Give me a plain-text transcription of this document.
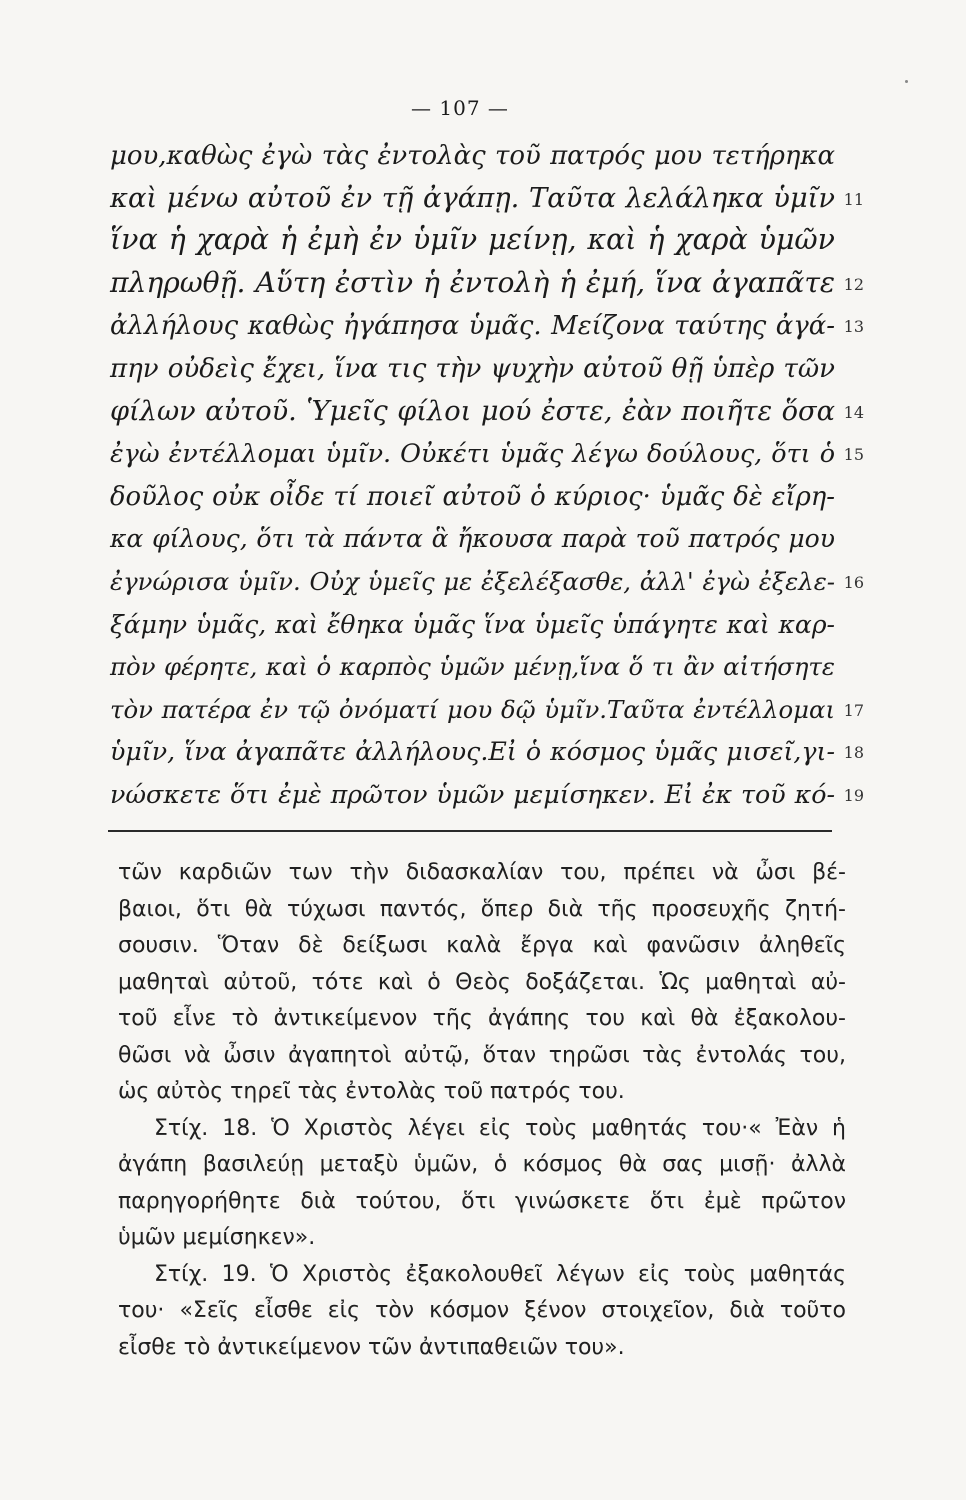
— 107 —
μου,καθὼς ἐγὼ τὰς ἐντολὰς τοῦ πατρός μου τετήρηκα
καὶ μένω αὐτοῦ ἐν τῇ ἀγάπῃ. Ταῦτα λελάληκα ὑμῖν 11
ἵνα ἡ χαρὰ ἡ ἐμὴ ἐν ὑμῖν μείνῃ, καὶ ἡ χαρὰ ὑμῶν
πληρωθῇ. Αὕτη ἐστὶν ἡ ἐντολὴ ἡ ἐμή, ἵνα ἀγαπᾶτε 12
ἀλλήλους καθὼς ἠγάπησα ὑμᾶς. Μείζονα ταύτης ἀγά- 13
πην οὐδεὶς ἔχει, ἵνα τις τὴν ψυχὴν αὐτοῦ θῇ ὑπὲρ τῶν
φίλων αὐτοῦ. Ὑμεῖς φίλοι μού ἐστε, ἐὰν ποιῆτε ὅσα 14
ἐγὼ ἐντέλλομαι ὑμῖν. Οὐκέτι ὑμᾶς λέγω δούλους, ὅτι ὁ 15
δοῦλος οὐκ οἶδε τί ποιεῖ αὐτοῦ ὁ κύριος· ὑμᾶς δὲ εἴρη-
κα φίλους, ὅτι τὰ πάντα ἃ ἤκουσα παρὰ τοῦ πατρός μου
ἐγνώρισα ὑμῖν. Οὐχ ὑμεῖς με ἐξελέξασθε, ἀλλ' ἐγὼ ἐξελε- 16
ξάμην ὑμᾶς, καὶ ἔθηκα ὑμᾶς ἵνα ὑμεῖς ὑπάγητε καὶ καρ-
πὸν φέρητε, καὶ ὁ καρπὸς ὑμῶν μένῃ,ἵνα ὅ τι ἂν αἰτήσητε
τὸν πατέρα ἐν τῷ ὀνόματί μου δῷ ὑμῖν.Ταῦτα ἐντέλλομαι 17
ὑμῖν, ἵνα ἀγαπᾶτε ἀλλήλους.Εἰ ὁ κόσμος ὑμᾶς μισεῖ,γι- 18
νώσκετε ὅτι ἐμὲ πρῶτον ὑμῶν μεμίσηκεν. Εἰ ἐκ τοῦ κό- 19
τῶν καρδιῶν των τὴν διδασκαλίαν του, πρέπει νὰ ὦσι βέ-
βαιοι, ὅτι θὰ τύχωσι παντός, ὅπερ διὰ τῆς προσευχῆς ζητή-
σουσιν. Ὅταν δὲ δείξωσι καλὰ ἔργα καὶ φανῶσιν ἀληθεῖς
μαθηταὶ αὐτοῦ, τότε καὶ ὁ Θεὸς δοξάζεται. Ὡς μαθηταὶ αὐ-
τοῦ εἶνε τὸ ἀντικείμενον τῆς ἀγάπης του καὶ θὰ ἐξακολου-
θῶσι νὰ ὦσιν ἀγαπητοὶ αὐτῷ, ὅταν τηρῶσι τὰς ἐντολάς του,
ὡς αὐτὸς τηρεῖ τὰς ἐντολὰς τοῦ πατρός του.
Στίχ. 18. Ὁ Χριστὸς λέγει εἰς τοὺς μαθητάς του·« Ἐὰν ἡ
ἀγάπη βασιλεύῃ μεταξὺ ὑμῶν, ὁ κόσμος θὰ σας μισῇ· ἀλλὰ
παρηγορήθητε διὰ τούτου, ὅτι γινώσκετε ὅτι ἐμὲ πρῶτον
ὑμῶν μεμίσηκεν».
Στίχ. 19. Ὁ Χριστὸς ἐξακολουθεῖ λέγων εἰς τοὺς μαθητάς
του· «Σεῖς εἶσθε εἰς τὸν κόσμον ξένον στοιχεῖον, διὰ τοῦτο
εἶσθε τὸ ἀντικείμενον τῶν ἀντιπαθειῶν του».
